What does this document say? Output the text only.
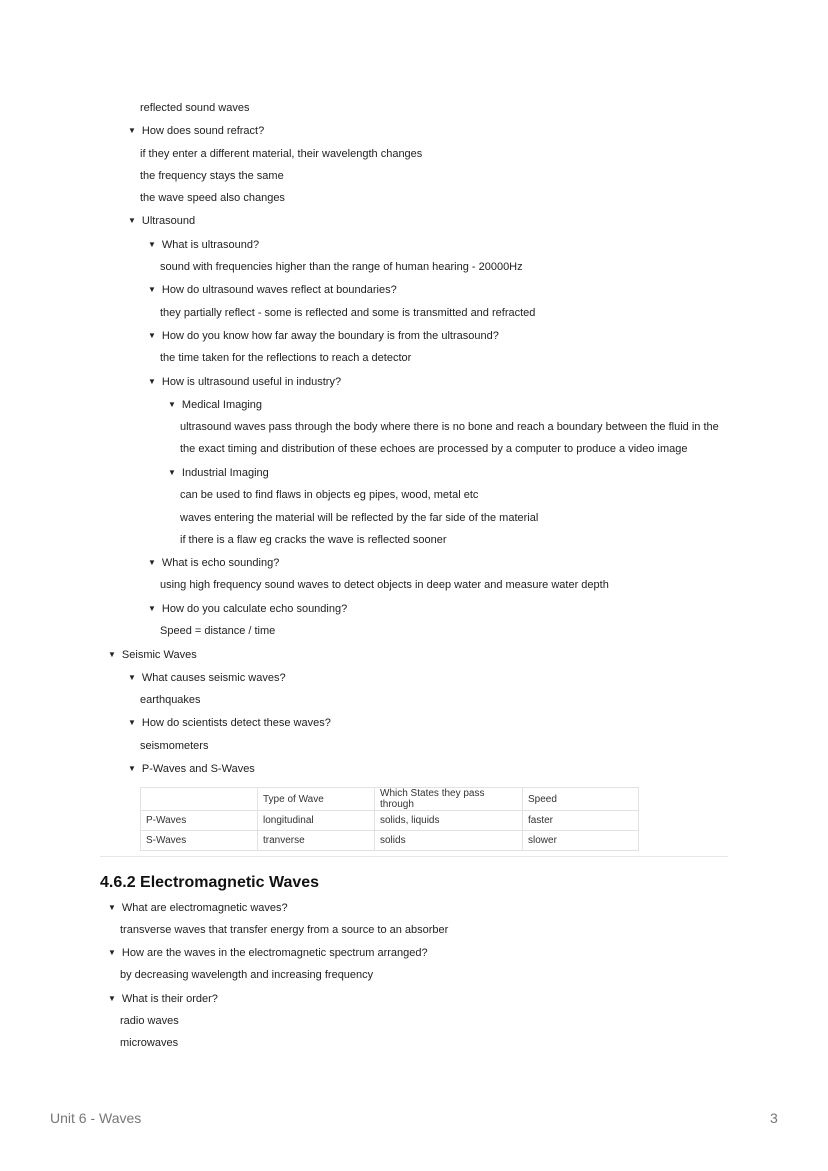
reflected sound waves
▼ How does sound refract?
if they enter a different material, their wavelength changes
the frequency stays the same
the wave speed also changes
▼ Ultrasound
▼ What is ultrasound?
sound with frequencies higher than the range of human hearing - 20000Hz
▼ How do ultrasound waves reflect at boundaries?
they partially reflect - some is reflected and some is transmitted and refracted
▼ How do you know how far away the boundary is from the ultrasound?
the time taken for the reflections to reach a detector
▼ How is ultrasound useful in industry?
▼ Medical Imaging
ultrasound waves pass through the body where there is no bone and reach a boundary between the fluid in the
the exact timing and distribution of these echoes are processed by a computer to produce a video image
▼ Industrial Imaging
can be used to find flaws in objects eg pipes, wood, metal etc
waves entering the material will be reflected by the far side of the material
if there is a flaw eg cracks the wave is reflected sooner
▼ What is echo sounding?
using high frequency sound waves to detect objects in deep water and measure water depth
▼ How do you calculate echo sounding?
Speed = distance / time
▼ Seismic Waves
▼ What causes seismic waves?
earthquakes
▼ How do scientists detect these waves?
seismometers
▼ P-Waves and S-Waves
	Type of Wave	Which States they pass through	Speed
P-Waves	longitudinal	solids, liquids	faster
S-Waves	tranverse	solids	slower
4.6.2 Electromagnetic Waves
▼ What are electromagnetic waves?
transverse waves that transfer energy from a source to an absorber
▼ How are the waves in the electromagnetic spectrum arranged?
by decreasing wavelength and increasing frequency
▼ What is their order?
radio waves
microwaves
Unit 6 - Waves	3
